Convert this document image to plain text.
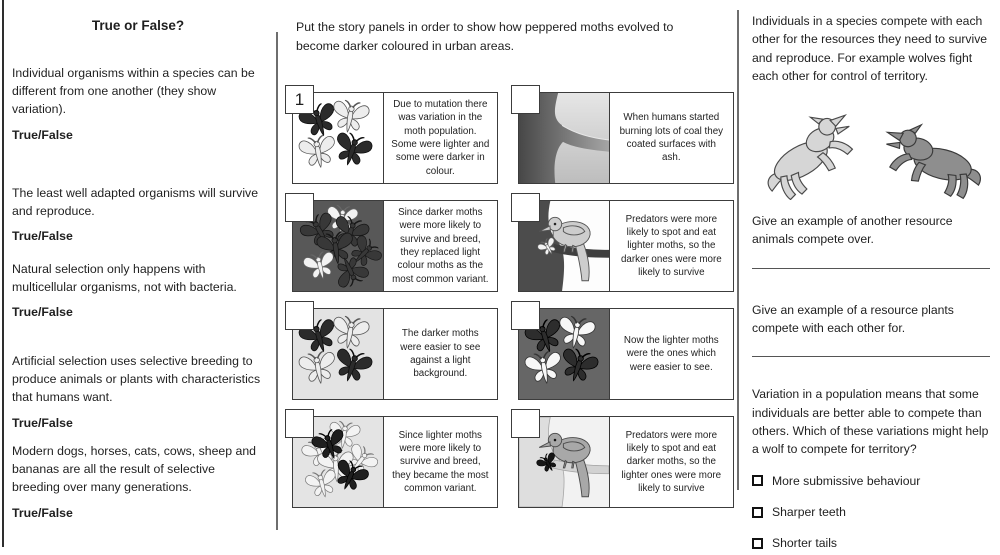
True or False?

Individual organisms within a species can be different from one another (they show variation).

True/False

The least well adapted organisms will survive and reproduce.

True/False

Natural selection only happens with multicellular organisms, not with bacteria.

True/False

Artificial selection uses selective breeding to produce animals or plants with characteristics that humans want.

True/False

Modern dogs, horses, cats, cows, sheep and bananas are all the result of selective breeding over many generations.

True/False

Put the story panels in order to show how peppered moths evolved to become darker coloured in urban areas.

1	Due to mutation there was variation in the moth population. Some were lighter and some were darker in colour.
When humans started burning lots of coal they coated surfaces with ash.
Since darker moths were more likely to survive and breed, they replaced light colour moths as the most common variant.
Predators were more likely to spot and eat lighter moths, so the darker ones were more likely to survive
The darker moths were easier to see against a light background.
Now the lighter moths were the ones which were easier to see.
Since lighter moths were more likely to survive and breed, they became the most common variant.
Predators were more likely to spot and eat darker moths, so the lighter ones were more likely to survive

Individuals in a species compete with each other for the resources they need to survive and reproduce. For example wolves fight each other for control of territory.

Give an example of another resource animals compete over.

Give an example of a resource plants compete with each other for.

Variation in a population means that some individuals are better able to compete than others. Which of these variations might help a wolf to compete for territory?

More submissive behaviour
Sharper teeth
Shorter tails
